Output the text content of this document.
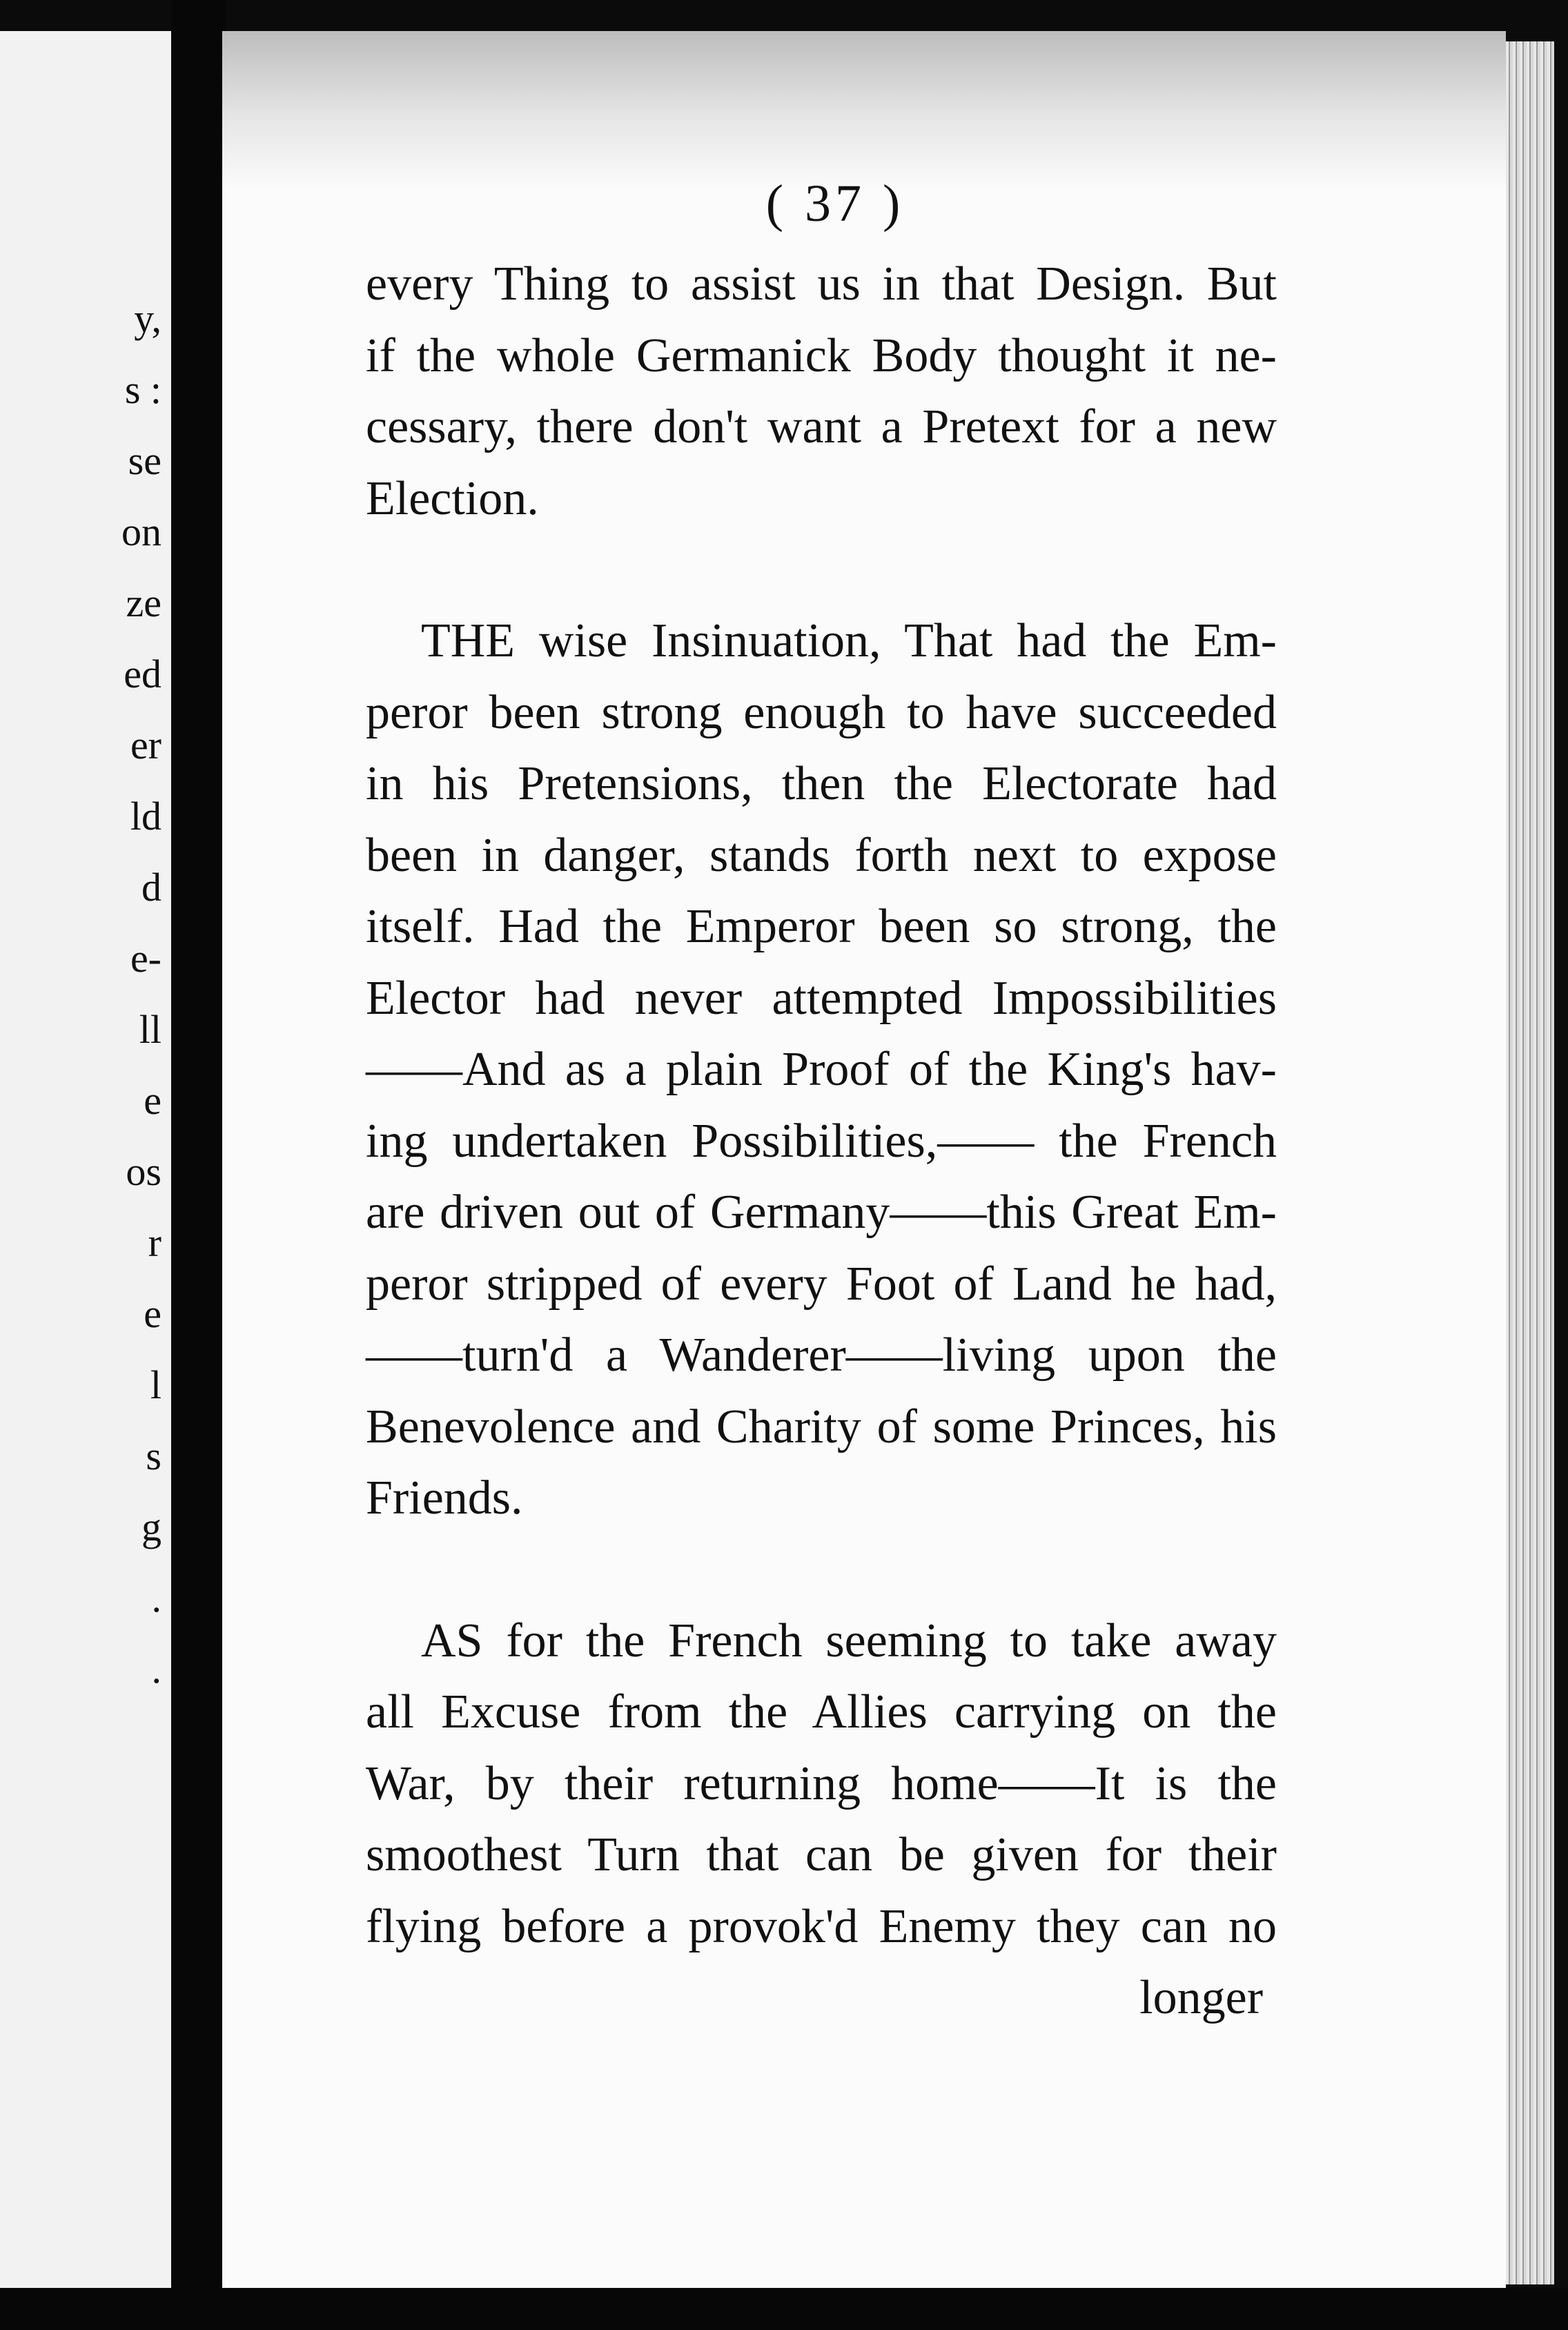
y,
s :
se
on
ze
ed
er
ld
d
e-
ll
e
os
r
e
l
s
g
.
.
( 37 )

every Thing to assist us in that Design. But

if the whole Germanick Body thought it ne-

cessary, there don't want a Pretext for a new

Election.

THE wise Insinuation, That had the Em-

peror been strong enough to have succeeded

in his Pretensions, then the Electorate had

been in danger, stands forth next to expose

itself. Had the Emperor been so strong, the

Elector had never attempted Impossibilities

——And as a plain Proof of the King's hav-

ing undertaken Possibilities,—— the French

are driven out of Germany——this Great Em-

peror stripped of every Foot of Land he had,

——turn'd a Wanderer——living upon the

Benevolence and Charity of some Princes, his

Friends.

AS for the French seeming to take away

all Excuse from the Allies carrying on the

War, by their returning home——It is the

smoothest Turn that can be given for their

flying before a provok'd Enemy they can no

longer
